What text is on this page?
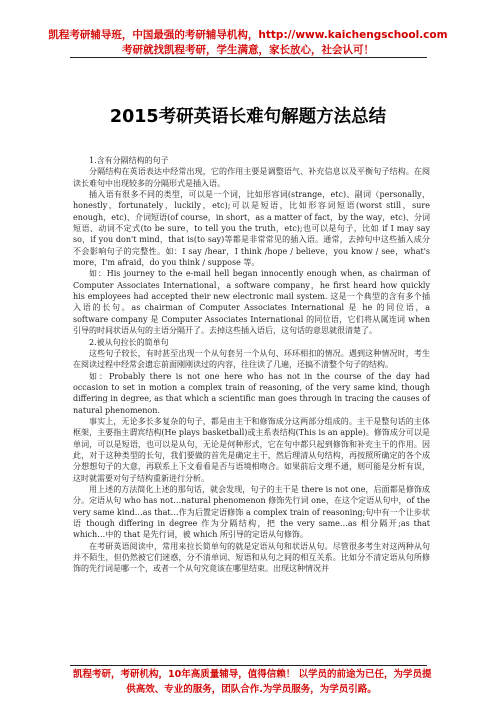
凯程考研辅导班，中国最强的考研辅导机构，http://www.kaichengschool.com
考研就找凯程考研，学生满意，家长放心，社会认可！
2015考研英语长难句解题方法总结

1.含有分隔结构的句子

分隔结构在英语表达中经常出现，它的作用主要是调整语气、补充信息以及平衡句子结构。在阅读长难句中出现较多的分隔形式是插入语。

插入语有很多不同的类型，可以是一个词，比如形容词(strange，etc)、副词（personally，honestly，fortunately，luckily，etc);可以是短语，比如形容词短语(worst still，sure enough，etc)、介词短语(of course，in short，as a matter of fact，by the way，etc)、分词短语、动词不定式(to be sure，to tell you the truth，etc);也可以是句子，比如 if I may say so，if you don't mind，that is(to say)等都是非常常见的插入语。通常，去掉句中这些插入成分不会影响句子的完整性。如：I say /hear，I think /hope / believe，you know / see，what's more，I'm afraid，do you think / suppose 等。

如：His journey to the e-mail hell began innocently enough when, as chairman of Computer Associates International，a software company，he first heard how quickly his employees had accepted their new electronic mail system. 这是一个典型的含有多个插入语的长句。as chairman of Computer Associates International 是 he 的同位语，a software company 是 Computer Associates International 的同位语，它们将从属连词 when 引导的时间状语从句的主语分隔开了。去掉这些插入语后，这句话的意思就很清楚了。

2.被从句拉长的简单句

这些句子较长，有时甚至出现一个从句套另一个从句、环环相扣的情况。遇到这种情况时，考生在阅读过程中经常会遗忘前面刚刚读过的内容，往往读了几遍，还搞不清整个句子的结构。

如：Probably there is not one here who has not in the course of the day had occasion to set in motion a complex train of reasoning, of the very same kind, though differing in degree, as that which a scientific man goes through in tracing the causes of natural phenomenon.

事实上，无论多长多复杂的句子，都是由主干和修饰成分这两部分组成的。主干是整句话的主体框架，主要指主谓宾结构(He plays basketball)或主系表结构(This is an apple)。修饰成分可以是单词，可以是短语，也可以是从句，无论是何种形式，它在句中都只起到修饰和补充主干的作用。因此，对于这种类型的长句，我们要做的首先是确定主干，然后理清从句结构，再按照所确定的各个成分想想句子的大意，再联系上下文看看是否与语境相吻合。如果前后文理不通，则可能是分析有误，这时就需要对句子结构重新进行分析。

用上述的方法简化上述的那句话，就会发现，句子的主干是 there is not one，后面都是修饰成分。定语从句 who has not…natural phenomenon 修饰先行词 one，在这个定语从句中，of the very same kind…as that…作为后置定语修饰 a complex train of reasoning;句中有一个让步状语 though differing in degree 作为分隔结构，把 the very same…as 相分隔开;as that which…中的 that 是先行词，被 which 所引导的定语从句修饰。

在考研英语阅读中，常用来拉长简单句的就是定语从句和状语从句。尽管很多考生对这两种从句并不陌生，但仍然被它们迷惑，分不清单词、短语和从句之间的相互关系。比如分不清定语从句所修饰的先行词是哪一个，或者一个从句究竟该在哪里结束。出现这种情况并

凯程考研，考研机构，10年高质量辅导，值得信赖！ 以学员的前途为已任，为学员提
供高效、专业的服务，团队合作.为学员服务，为学员引路。
